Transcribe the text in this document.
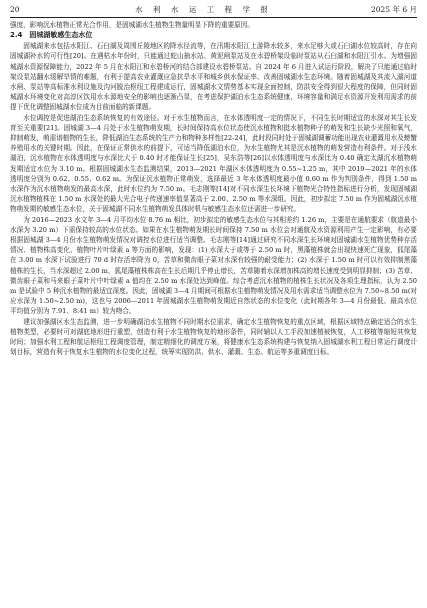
20	水 利 水 运 工 程 学 报	2025 年 6 月

强度，影响沉水植物正常光合作用，是固城湖水生植物生物量明显下降的重要原因。

2.4  固城湖敏感生态水位

固城湖来水包括水阳江、石臼湖及周围丘陵地区的降水径流等，在汛期水阳江上游降水较多，来水足够大或石臼湖水位较高时，存在向固城湖补水的可行性[20]。在遇枯水年份时，只能通过蛇山抽水站、黄泥闸泵站及在水碧桥架设临时泵站从石臼湖和水阳江引水。为增强固城湖水资源保障能力，2022 年 5 月在水阳江和水碧桥河的结合部建设水碧桥泵站。自 2024 年 6 月进入试运行阶段，解决了只能通过临时架设泵站翻水缓解旱情的难题，有利于提高农业灌溉应急抗旱水平和城乡供水保证率、改善固城湖水生态环境。随着固城湖及其流入湖河道水闸、泵站等高标准水利设施及沟河脱治枢纽工程建成运行，固城湖水文情势基本实现全面控制，防洪安全得到很大程度的保障，但同时固城湖水环境变化对高淳区饮用水水源地安全的影响也逐渐凸显，在考虑保护湖泊水生态系统健康、环境容量和满足水资源开发利用需求的前提下优化调整固城湖水位成为目前面临的新课题。

水位调控是促进湖泊生态系统恢复的有效途径。对于水生植物而言，在水体透明度一定的情况下，不同生长时期适宜的水深对其生长发育至关重要[21]。固城湖 3—4 月处于水生植物萌发期，长时间保持高水位状态使沉水植物和挺水植物种子的萌发和生长缺少光照和氧气，抑制萌发，萌需谱植物的生长，降低湖泊生态系统的生产力和物种多样性[22-24]，此时段同时处于固城湖调蓄功能出现农业灌溉用水及螃蟹养殖用水的关键时期。因此，在保证正常供水的前提下，可适当降低湖泊水位，为水生植物尤其是沉水植物的萌发营造有利条件。对于浅水湖泊，沉水植物在水体透明度与水深比大于 0.40 时才能保证生长[25]，吴东浩等[26]以水体透明度与水深比为 0.40 确定太湖沉水植物萌发期适宜水位为 3.10 m。根据固城湖水生态监测结果，2013—2021 年湖区水体透明度为 0.55~1.25 m，其中 2019—2021 年的水体透明度分别为 0.62、0.55、0.62 m。为保证沉水植物正常萌发，选择最近 3 年水体透明度最小值 0.60 m 作为判别条件，得到 1.50 m 水深作为沉水植物萌发的最高水深，此时水位约为 7.50 m。毛志刚等[14]对不同水深生长环境下植物光合特性指标进行分析，发现固城湖沉水植物植株在 1.50 m 水深处的最大光合电子传递速率值显著高于 2.00、2.50 m 等水深组。因此，初步拟定 7.50 m 作为固城湖沉水植物萌发期的敏感生态水位，关于固城湖不同水生植物萌发具体时机与敏感生态水位还需进一步研究。

为 2016—2023 水文年 3—4 月平均水位 8.76 m 相比，初步拟定的敏感生态水位与其相差约 1.26 m，主要是在通航要求（航道最小水深为 3.20 m）下需保持较高的水位状态。如果在水生植物萌发期长时间保持 7.50 m 水位会对通航及水资源利用产生一定影响，有必要根据固城湖 3—4 月份水生植物萌发情况对调控水位进行适当调整。毛志刚等[14]通过研究不同水深生长环境对固城湖水生植物优势种存活情况、植物株高变化、植物叶片叶绿素 a 等方面的影响，发现：(1) 水深大于或等于 2.50 m 时，黑藻植株就会出现快速死亡现象，狐尾藻在 3.00 m 水深下试验进行 70 d 时存活率降为 0，苦草和微齿眼子菜对水深有较强的耐受能力；(2) 水深于 1.50 m 时可以有效抑制黑藻植株的生长，当水深超过 2.00 m，狐尾藻植株株高在生长后期几乎停止增长，苦草随着水深增加株高的增长速度受到明显抑制；(3) 苦草、微齿眼子菜和马来眼子菜叶片中叶绿素 a 值均在 2.50 m 水深处达到峰值。综合考虑沉水植物的植株生长状况及各项生理指标，认为 2.50 m 是试验中 5 种沉水植物的最适宜深度。因此，固城湖 3—4 月期间可根据水生植物萌发情况及用水需求适当调整水位为 7.50~8.50 m(对应水深为 1.50~2.50 m)，这也与 2006—2011 年固城湖水生植物萌发期近自然状态的水位变化（此时期各年 3—4 月份最低、最高水位平均值分别为 7.91、8.41 m）较为吻合。

建议加强湖区水生态监测，进一步明确湖泊水生植物不同时期水位需求，确定水生植物恢复的重点区域，根据区域特点确定适合的水生植物类型，必要时可对湖底地形进行重塑，创造有利于水生植物恢复的地形条件，同时辅以人工手段加速植被恢复，人工移植等缩短其恢复时间；加强水利工程和航运枢纽工程调度管理，制定精细化的调度方案，将健康水生态系统构建与恢复纳入固城湖水利工程日常运行调度计划目标，营造有利于恢复水生植物的水位变化过程，统筹实现防洪、供水、灌溉、生态、航运等多重调度目标。
